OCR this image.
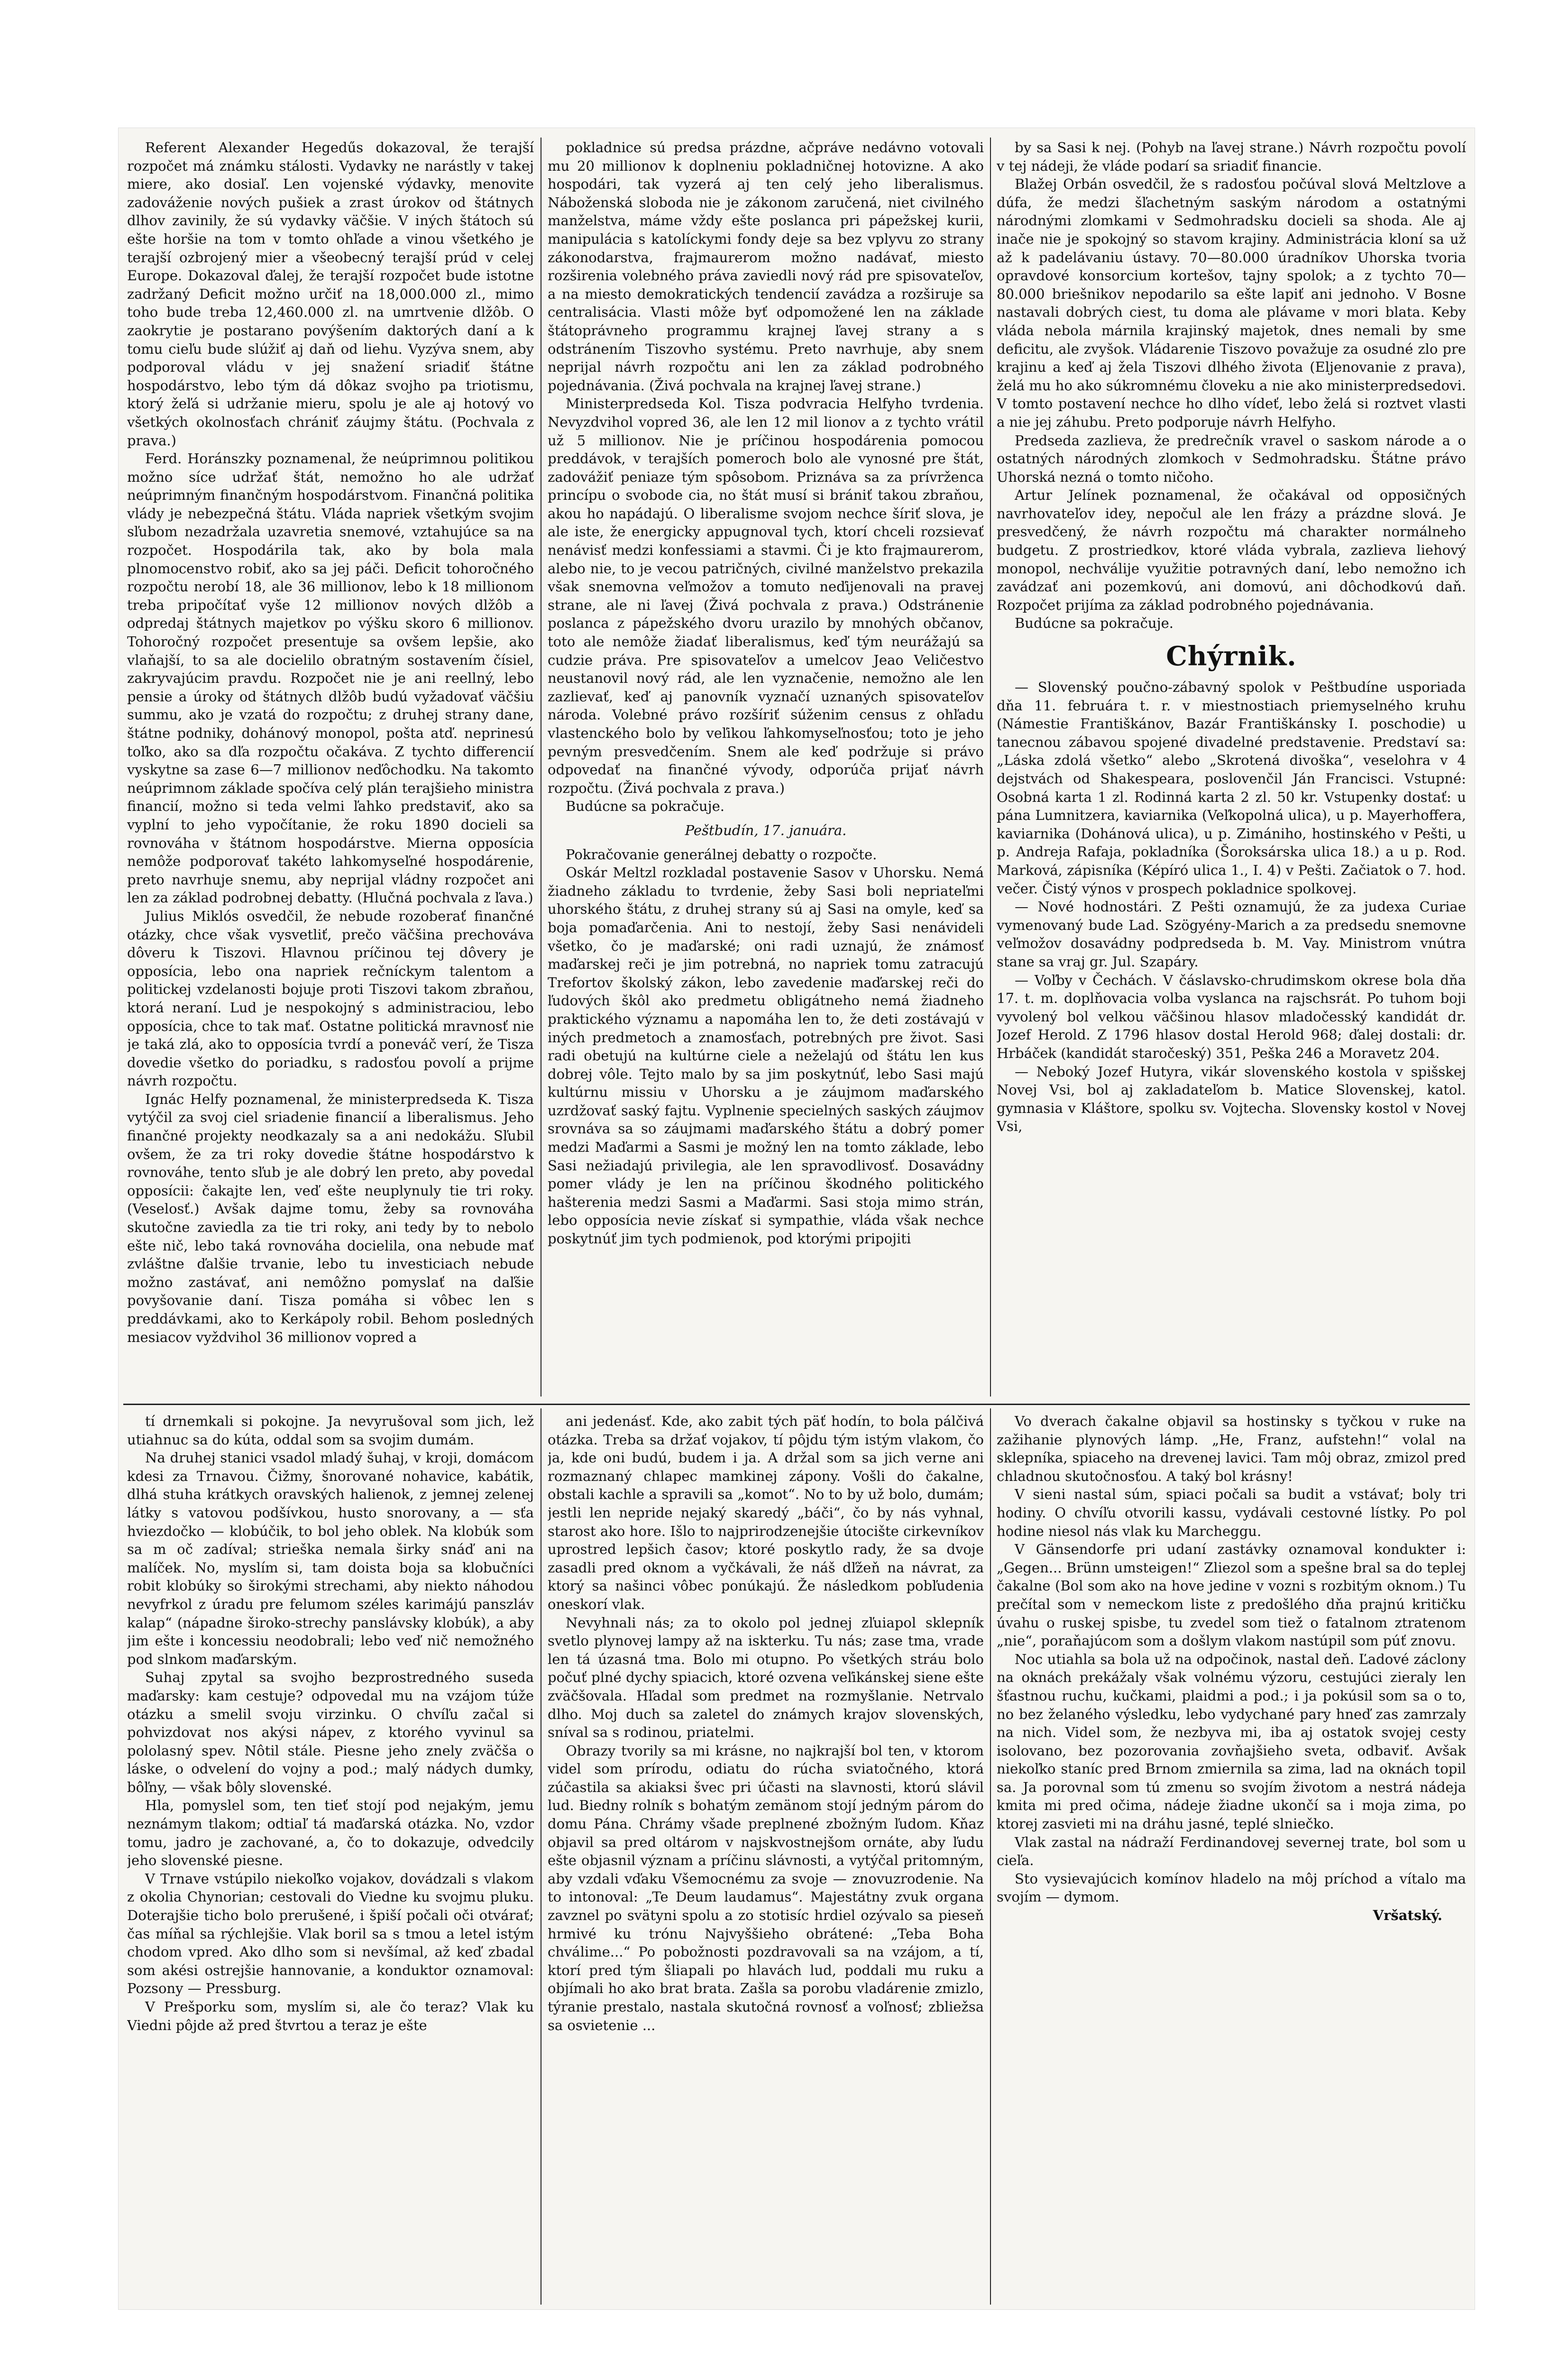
Referent Alexander Hegedűs dokazoval, že terajší rozpočet má známku stálosti. Vydavky ne narástly v takej miere, ako dosiaľ. Len vojenské výdavky, menovite zadováženie nových pušiek a zrast úrokov od štátnych dlhov zavinily, že sú vydavky väčšie. V iných štátoch sú ešte horšie na tom v tomto ohľade a vinou všetkého je terajší ozbrojený mier a všeobecný terajší prúd v celej Europe. Dokazoval ďalej, že terajší rozpočet bude istotne zadržaný Deficit možno určiť na 18,000.000 zl., mimo toho bude treba 12,460.000 zl. na umrtvenie dlžôb. O zaokrytie je postarano povýšením daktorých daní a k tomu cieľu bude slúžiť aj daň od liehu. Vyzýva snem, aby podporoval vládu v jej snažení sriadiť štátne hospodárstvo, lebo tým dá dôkaz svojho pa triotismu, ktorý žeľá si udržanie mieru, spolu je ale aj hotový vo všetkých okolnosťach chrániť záujmy štátu. (Pochvala z prava.)

Ferd. Horánszky poznamenal, že neúprimnou politikou možno síce udržať štát, nemožno ho ale udržať neúprimným finančným hospodárstvom. Finančná politika vlády je nebezpečná štátu. Vláda napriek všetkým svojim sľubom nezadržala uzavretia snemové, vztahujúce sa na rozpočet. Hospodárila tak, ako by bola mala plnomocenstvo robiť, ako sa jej páči. Deficit tohoročného rozpočtu nerobí 18, ale 36 millionov, lebo k 18 millionom treba pripočítať vyše 12 millionov nových dlžôb a odpredaj štátnych majetkov po výšku skoro 6 millionov. Tohoročný rozpočet presentuje sa ovšem lepšie, ako vlaňajší, to sa ale docielilo obratným sostavením čísiel, zakryvajúcim pravdu. Rozpočet nie je ani reellný, lebo pensie a úroky od štátnych dlžôb budú vyžadovať väčšiu summu, ako je vzatá do rozpočtu; z druhej strany dane, štátne podniky, dohánový monopol, pošta atď. neprinesú toľko, ako sa dľa rozpočtu očakáva. Z tychto differencií vyskytne sa zase 6—7 millionov neďôchodku. Na takomto neúprimnom základe spočíva celý plán terajšieho ministra financií, možno si teda velmi ľahko predstaviť, ako sa vyplní to jeho vypočítanie, že roku 1890 docieli sa rovnováha v štátnom hospodárstve. Mierna opposícia nemôže podporovať takéto lahkomyseľné hospodárenie, preto navrhuje snemu, aby neprijal vládny rozpočet ani len za základ podrobnej debatty. (Hlučná pochvala z ľava.)

Julius Miklós osvedčil, že nebude rozoberať finančné otázky, chce však vysvetliť, prečo väčšina prechováva dôveru k Tiszovi. Hlavnou príčinou tej dôvery je opposícia, lebo ona napriek rečníckym talentom a politickej vzdelanosti bojuje proti Tiszovi takom zbraňou, ktorá neraní. Lud je nespokojný s administraciou, lebo opposícia, chce to tak mať. Ostatne politická mravnosť nie je taká zlá, ako to opposícia tvrdí a poneváč verí, že Tisza dovedie všetko do poriadku, s radosťou povolí a prijme návrh rozpočtu.

Ignác Helfy poznamenal, že ministerpredseda K. Tisza vytýčil za svoj ciel sriadenie financií a liberalismus. Jeho finančné projekty neodkazaly sa a ani nedokážu. Sľubil ovšem, že za tri roky dovedie štátne hospodárstvo k rovnováhe, tento sľub je ale dobrý len preto, aby povedal opposícii: čakajte len, veď ešte neuplynuly tie tri roky. (Veselosť.) Avšak dajme tomu, žeby sa rovnováha skutočne zaviedla za tie tri roky, ani tedy by to nebolo ešte nič, lebo taká rovnováha docielila, ona nebude mať zvláštne ďalšie trvanie, lebo tu investiciach nebude možno zastávať, ani nemôžno pomyslať na daľšie povyšovanie daní. Tisza pomáha si vôbec len s preddávkami, ako to Kerkápoly robil. Behom posledných mesiacov vyždvihol 36 millionov vopred a

pokladnice sú predsa prázdne, ačpráve nedávno votovali mu 20 millionov k doplneniu pokladničnej hotovizne. A ako hospodári, tak vyzerá aj ten celý jeho liberalismus. Náboženská sloboda nie je zákonom zaručená, niet civilného manželstva, máme vždy ešte poslanca pri pápežskej kurii, manipulácia s katolíckymi fondy deje sa bez vplyvu zo strany zákonodarstva, frajmaurerom možno nadávať, miesto rozširenia volebného práva zaviedli nový rád pre spisovateľov, a na miesto demokratických tendencií zavádza a rozširuje sa centralisácia. Vlasti môže byť odpomožené len na základe štátoprávneho programmu krajnej ľavej strany a s odstránením Tiszovho systému. Preto navrhuje, aby snem neprijal návrh rozpočtu ani len za základ podrobného pojednávania. (Živá pochvala na krajnej ľavej strane.)

Ministerpredseda Kol. Tisza podvracia Helfyho tvrdenia. Nevyzdvihol vopred 36, ale len 12 mil lionov a z tychto vrátil už 5 millionov. Nie je príčinou hospodárenia pomocou preddávok, v terajších pomeroch bolo ale vynosné pre štát, zadovážiť peniaze tým spôsobom. Priznáva sa za prívrženca princípu o svobode cia, no štát musí si brániť takou zbraňou, akou ho napádajú. O liberalisme svojom nechce šíriť slova, je ale iste, že energicky appugnoval tych, ktorí chceli rozsievať nenávisť medzi konfessiami a stavmi. Či je kto frajmaurerom, alebo nie, to je vecou patričných, civilné manželstvo prekazila však snemovna veľmožov a tomuto neďijenovali na pravej strane, ale ni ľavej (Živá pochvala z prava.) Odstránenie poslanca z pápežského dvoru urazilo by mnohých občanov, toto ale nemôže žiadať liberalismus, keď tým neurážajú sa cudzie práva. Pre spisovateľov a umelcov Jeao Veličestvo neustanovil nový rád, ale len vyznačenie, nemožno ale len zazlievať, keď aj panovník vyznačí uznaných spisovateľov národa. Volebné právo rozšíriť súženim census z ohľadu vlastenckého bolo by veľikou ľahkomyseľnosťou; toto je jeho pevným presvedčením. Snem ale keď podržuje si právo odpovedať na finančné vývody, odporúča prijať návrh rozpočtu. (Živá pochvala z prava.)

Budúcne sa pokračuje.

Peštbudín, 17. januára.

Pokračovanie generálnej debatty o rozpočte.

Oskár Meltzl rozkladal postavenie Sasov v Uhorsku. Nemá žiadneho základu to tvrdenie, žeby Sasi boli nepriateľmi uhorského štátu, z druhej strany sú aj Sasi na omyle, keď sa boja pomaďarčenia. Ani to nestojí, žeby Sasi nenávideli všetko, čo je maďarské; oni radi uznajú, že známosť maďarskej reči je jim potrebná, no napriek tomu zatracujú Trefortov školský zákon, lebo zavedenie maďarskej reči do ľudových škôl ako predmetu obligátneho nemá žiadneho praktického významu a napomáha len to, že deti zostávajú v iných predmetoch a znamosťach, potrebných pre život. Sasi radi obetujú na kultúrne ciele a neželajú od štátu len kus dobrej vôle. Tejto malo by sa jim poskytnúť, lebo Sasi majú kultúrnu missiu v Uhorsku a je záujmom maďarského uzrdžovať saský fajtu. Vyplnenie specielných saských záujmov srovnáva sa so záujmami maďarského štátu a dobrý pomer medzi Maďarmi a Sasmi je možný len na tomto základe, lebo Sasi nežiadajú privilegia, ale len spravodlivosť. Dosavádny pomer vlády je len na príčinou škodného politického hašterenia medzi Sasmi a Maďarmi. Sasi stoja mimo strán, lebo opposícia nevie získať si sympathie, vláda však nechce poskytnúť jim tych podmienok, pod ktorými pripojiti

by sa Sasi k nej. (Pohyb na ľavej strane.) Návrh rozpočtu povolí v tej nádeji, že vláde podarí sa sriadiť financie.

Blažej Orbán osvedčil, že s radosťou počúval slová Meltzlove a dúfa, že medzi šľachetným saským národom a ostatnými národnými zlomkami v Sedmohradsku docieli sa shoda. Ale aj inače nie je spokojný so stavom krajiny. Administrácia kloní sa už až k padelávaniu ústavy. 70—80.000 úradníkov Uhorska tvoria opravdové konsorcium kortešov, tajny spolok; a z tychto 70—80.000 briešnikov nepodarilo sa ešte lapiť ani jednoho. V Bosne nastavali dobrých ciest, tu doma ale plávame v mori blata. Keby vláda nebola márnila krajinský majetok, dnes nemali by sme deficitu, ale zvyšok. Vládarenie Tiszovo považuje za osudné zlo pre krajinu a keď aj žela Tiszovi dlhého života (Eljenovanie z prava), želá mu ho ako súkromnému človeku a nie ako ministerpredsedovi. V tomto postavení nechce ho dlho vídeť, lebo želá si roztvet vlasti a nie jej záhubu. Preto podporuje návrh Helfyho.

Predseda zazlieva, že predrečník vravel o saskom národe a o ostatných národných zlomkoch v Sedmohradsku. Štátne právo Uhorská nezná o tomto ničoho.

Artur Jelínek poznamenal, že očakával od opposičných navrhovateľov idey, nepočul ale len frázy a prázdne slová. Je presvedčený, že návrh rozpočtu má charakter normálneho budgetu. Z prostriedkov, ktoré vláda vybrala, zazlieva liehový monopol, nechválije využitie potravných daní, lebo nemožno ich zavádzať ani pozemkovú, ani domovú, ani dôchodkovú daň. Rozpočet prijíma za základ podrobného pojednávania.

Budúcne sa pokračuje.

Chýrnik.

— Slovenský poučno-zábavný spolok v Peštbudíne usporiada dňa 11. februára t. r. v miestnostiach priemyselného kruhu (Námestie Františkánov, Bazár Františkánsky I. poschodie) u tanecnou zábavou spojené divadelné predstavenie. Predstaví sa: „Láska zdolá všetko“ alebo „Skrotená divoška“, veselohra v 4 dejstvách od Shakespeara, poslovenčil Ján Francisci. Vstupné: Osobná karta 1 zl. Rodinná karta 2 zl. 50 kr. Vstupenky dostať: u pána Lumnitzera, kaviarnika (Veľkopolná ulica), u p. Mayerhoffera, kaviarnika (Dohánová ulica), u p. Zimániho, hostinského v Pešti, u p. Andreja Rafaja, pokladníka (Šoroksárska ulica 18.) a u p. Rod. Marková, zápisníka (Képíró ulica 1., I. 4) v Pešti. Začiatok o 7. hod. večer. Čistý výnos v prospech pokladnice spolkovej.

— Nové hodnostári. Z Pešti oznamujú, že za judexa Curiae vymenovaný bude Lad. Szögyény-Marich a za predsedu snemovne veľmožov dosavádny podpredseda b. M. Vay. Ministrom vnútra stane sa vraj gr. Jul. Szapáry.

— Voľby v Čechách. V čáslavsko-chrudimskom okrese bola dňa 17. t. m. doplňovacia volba vyslanca na rajschsrát. Po tuhom boji vyvolený bol velkou väčšinou hlasov mladočesský kandidát dr. Jozef Herold. Z 1796 hlasov dostal Herold 968; ďalej dostali: dr. Hrbáček (kandidát staročeský) 351, Peška 246 a Moravetz 204.

— Neboký Jozef Hutyra, vikár slovenského kostola v spišskej Novej Vsi, bol aj zakladateľom b. Matice Slovenskej, katol. gymnasia v Kláštore, spolku sv. Vojtecha. Slovensky kostol v Novej Vsi,

tí drnemkali si pokojne. Ja nevyrušoval som jich, lež utiahnuc sa do kúta, oddal som sa svojim dumám.

Na druhej stanici vsadol mladý šuhaj, v kroji, domácom kdesi za Trnavou. Čižmy, šnorované nohavice, kabátik, dlhá stuha krátkych oravských halienok, z jemnej zelenej látky s vatovou podšívkou, husto snorovany, a — sťa hviezdočko — klobúčik, to bol jeho oblek. Na klobúk som sa m oč zadíval; strieška nemala širky snáď ani na malíček. No, myslím si, tam doista boja sa klobučníci robit klobúky so širokými strechami, aby niekto náhodou nevyfrkol z úradu pre felumom széles karimájú panszláv kalap“ (nápadne široko-strechy panslávsky klobúk), a aby jim ešte i koncessiu neodobrali; lebo veď nič nemožného pod slnkom maďarským.

Suhaj zpytal sa svojho bezprostredného suseda maďarsky: kam cestuje? odpovedal mu na vzájom túže otázku a smelil svoju virzinku. O chvíľu začal si pohvizdovat nos akýsi nápev, z ktorého vyvinul sa pololasný spev. Nôtil stále. Piesne jeho znely zväčša o láske, o odvelení do vojny a pod.; malý nádych dumky, bôľny, — však bôly slovenské.

Hla, pomyslel som, ten tieť stojí pod nejakým, jemu neznámym tlakom; odtiaľ tá maďarská otázka. No, vzdor tomu, jadro je zachované, a, čo to dokazuje, odvedcily jeho slovenské piesne.

V Trnave vstúpilo niekoľko vojakov, dovádzali s vlakom z okolia Chynorian; cestovali do Viedne ku svojmu pluku. Doterajšie ticho bolo prerušené, i špiší počali oči otvárať; čas míňal sa rýchlejšie. Vlak boril sa s tmou a letel istým chodom vpred. Ako dlho som si nevšímal, až keď zbadal som akési ostrejšie hannovanie, a konduktor oznamoval: Pozsony — Pressburg.

V Prešporku som, myslím si, ale čo teraz? Vlak ku Viedni pôjde až pred štvrtou a teraz je ešte

ani jedenásť. Kde, ako zabit tých päť hodín, to bola pálčivá otázka. Treba sa držať vojakov, tí pôjdu tým istým vlakom, čo ja, kde oni budú, budem i ja. A držal som sa jich verne ani rozmaznaný chlapec mamkinej zápony. Vošli do čakalne, obstali kachle a spravili sa „komot“. No to by už bolo, dumám; jestli len nepride nejaký skaredý „báči“, čo by nás vyhnal, starost ako hore. Išlo to najprirodzenejšie útocište cirkevníkov uprostred lepšich časov; ktoré poskytlo rady, že sa dvoje zasadli pred oknom a vyčkávali, že náš dľžeň na návrat, za ktorý sa našinci vôbec ponúkajú. Že následkom pobľudenia oneskorí vlak.

Nevyhnali nás; za to okolo pol jednej zľuiapol sklepník svetlo plynovej lampy až na iskterku. Tu nás; zase tma, vrade len tá úzasná tma. Bolo mi otupno. Po všetkých stráu bolo počuť plné dychy spiacich, ktoré ozvena veľikánskej siene ešte zväčšovala. Hľadal som predmet na rozmyšlanie. Netrvalo dlho. Moj duch sa zaletel do známych krajov slovenských, sníval sa s rodinou, priatelmi.

Obrazy tvorily sa mi krásne, no najkrajší bol ten, v ktorom videl som prírodu, odiatu do rúcha sviatočného, ktorá zúčastila sa akiaksi švec pri účasti na slavnosti, ktorú slávil lud. Biedny rolník s bohatým zemänom stojí jedným párom do domu Pána. Chrámy všade preplnené zbožným ľudom. Kňaz objavil sa pred oltárom v najskvostnejšom ornáte, aby ľudu ešte objasnil význam a príčinu slávnosti, a vytýčal pritomným, aby vzdali vďaku Všemocnému za svoje — znovuzrodenie. Na to intonoval: „Te Deum laudamus“. Majestátny zvuk organa zavznel po svätyni spolu a zo stotisíc hrdiel ozývalo sa pieseň hrmivé ku trónu Najvyššieho obrátené: „Teba Boha chválime...“ Po pobožnosti pozdravovali sa na vzájom, a tí, ktorí pred tým šliapali po hlavách lud, poddali mu ruku a objímali ho ako brat brata. Zašla sa porobu vladárenie zmizlo, týranie prestalo, nastala skutočná rovnosť a voľnosť; zbliežsa sa osvietenie ...

Vo dverach čakalne objavil sa hostinsky s tyčkou v ruke na zažihanie plynových lámp. „He, Franz, aufstehn!“ volal na sklepníka, spiaceho na drevenej lavici. Tam môj obraz, zmizol pred chladnou skutočnosťou. A taký bol krásny!

V sieni nastal súm, spiaci počali sa budit a vstávať; boly tri hodiny. O chvíľu otvorili kassu, vydávali cestovné lístky. Po pol hodine niesol nás vlak ku Marcheggu.

V Gänsendorfe pri udaní zastávky oznamoval kondukter i: „Gegen... Brünn umsteigen!“ Zliezol som a spešne bral sa do teplej čakalne (Bol som ako na hove jedine v vozni s rozbitým oknom.) Tu prečítal som v nemeckom liste z predošlého dňa prajnú kritičku úvahu o ruskej spisbe, tu zvedel som tiež o fatalnom ztratenom „nie“, poraňajúcom som a došlym vlakom nastúpil som púť znovu.

Noc utiahla sa bola už na odpočinok, nastal deň. Ľadové záclony na oknách prekážaly však volnému výzoru, cestujúci zieraly len šťastnou ruchu, kučkami, plaidmi a pod.; i ja pokúsil som sa o to, no bez želaného výsledku, lebo vydychané pary hneď zas zamrzaly na nich. Videl som, že nezbyva mi, iba aj ostatok svojej cesty isolovano, bez pozorovania zovňajšieho sveta, odbaviť. Avšak niekoľko staníc pred Brnom zmiernila sa zima, lad na oknách topil sa. Ja porovnal som tú zmenu so svojím životom a nestrá nádeja kmita mi pred očima, nádeje žiadne ukončí sa i moja zima, po ktorej zasvieti mi na dráhu jasné, teplé slniečko.

Vlak zastal na nádraží Ferdinandovej severnej trate, bol som u cieľa.

Sto vysievajúcich komínov hladelo na môj príchod a vítalo ma svojím — dymom.

Vršatský.
